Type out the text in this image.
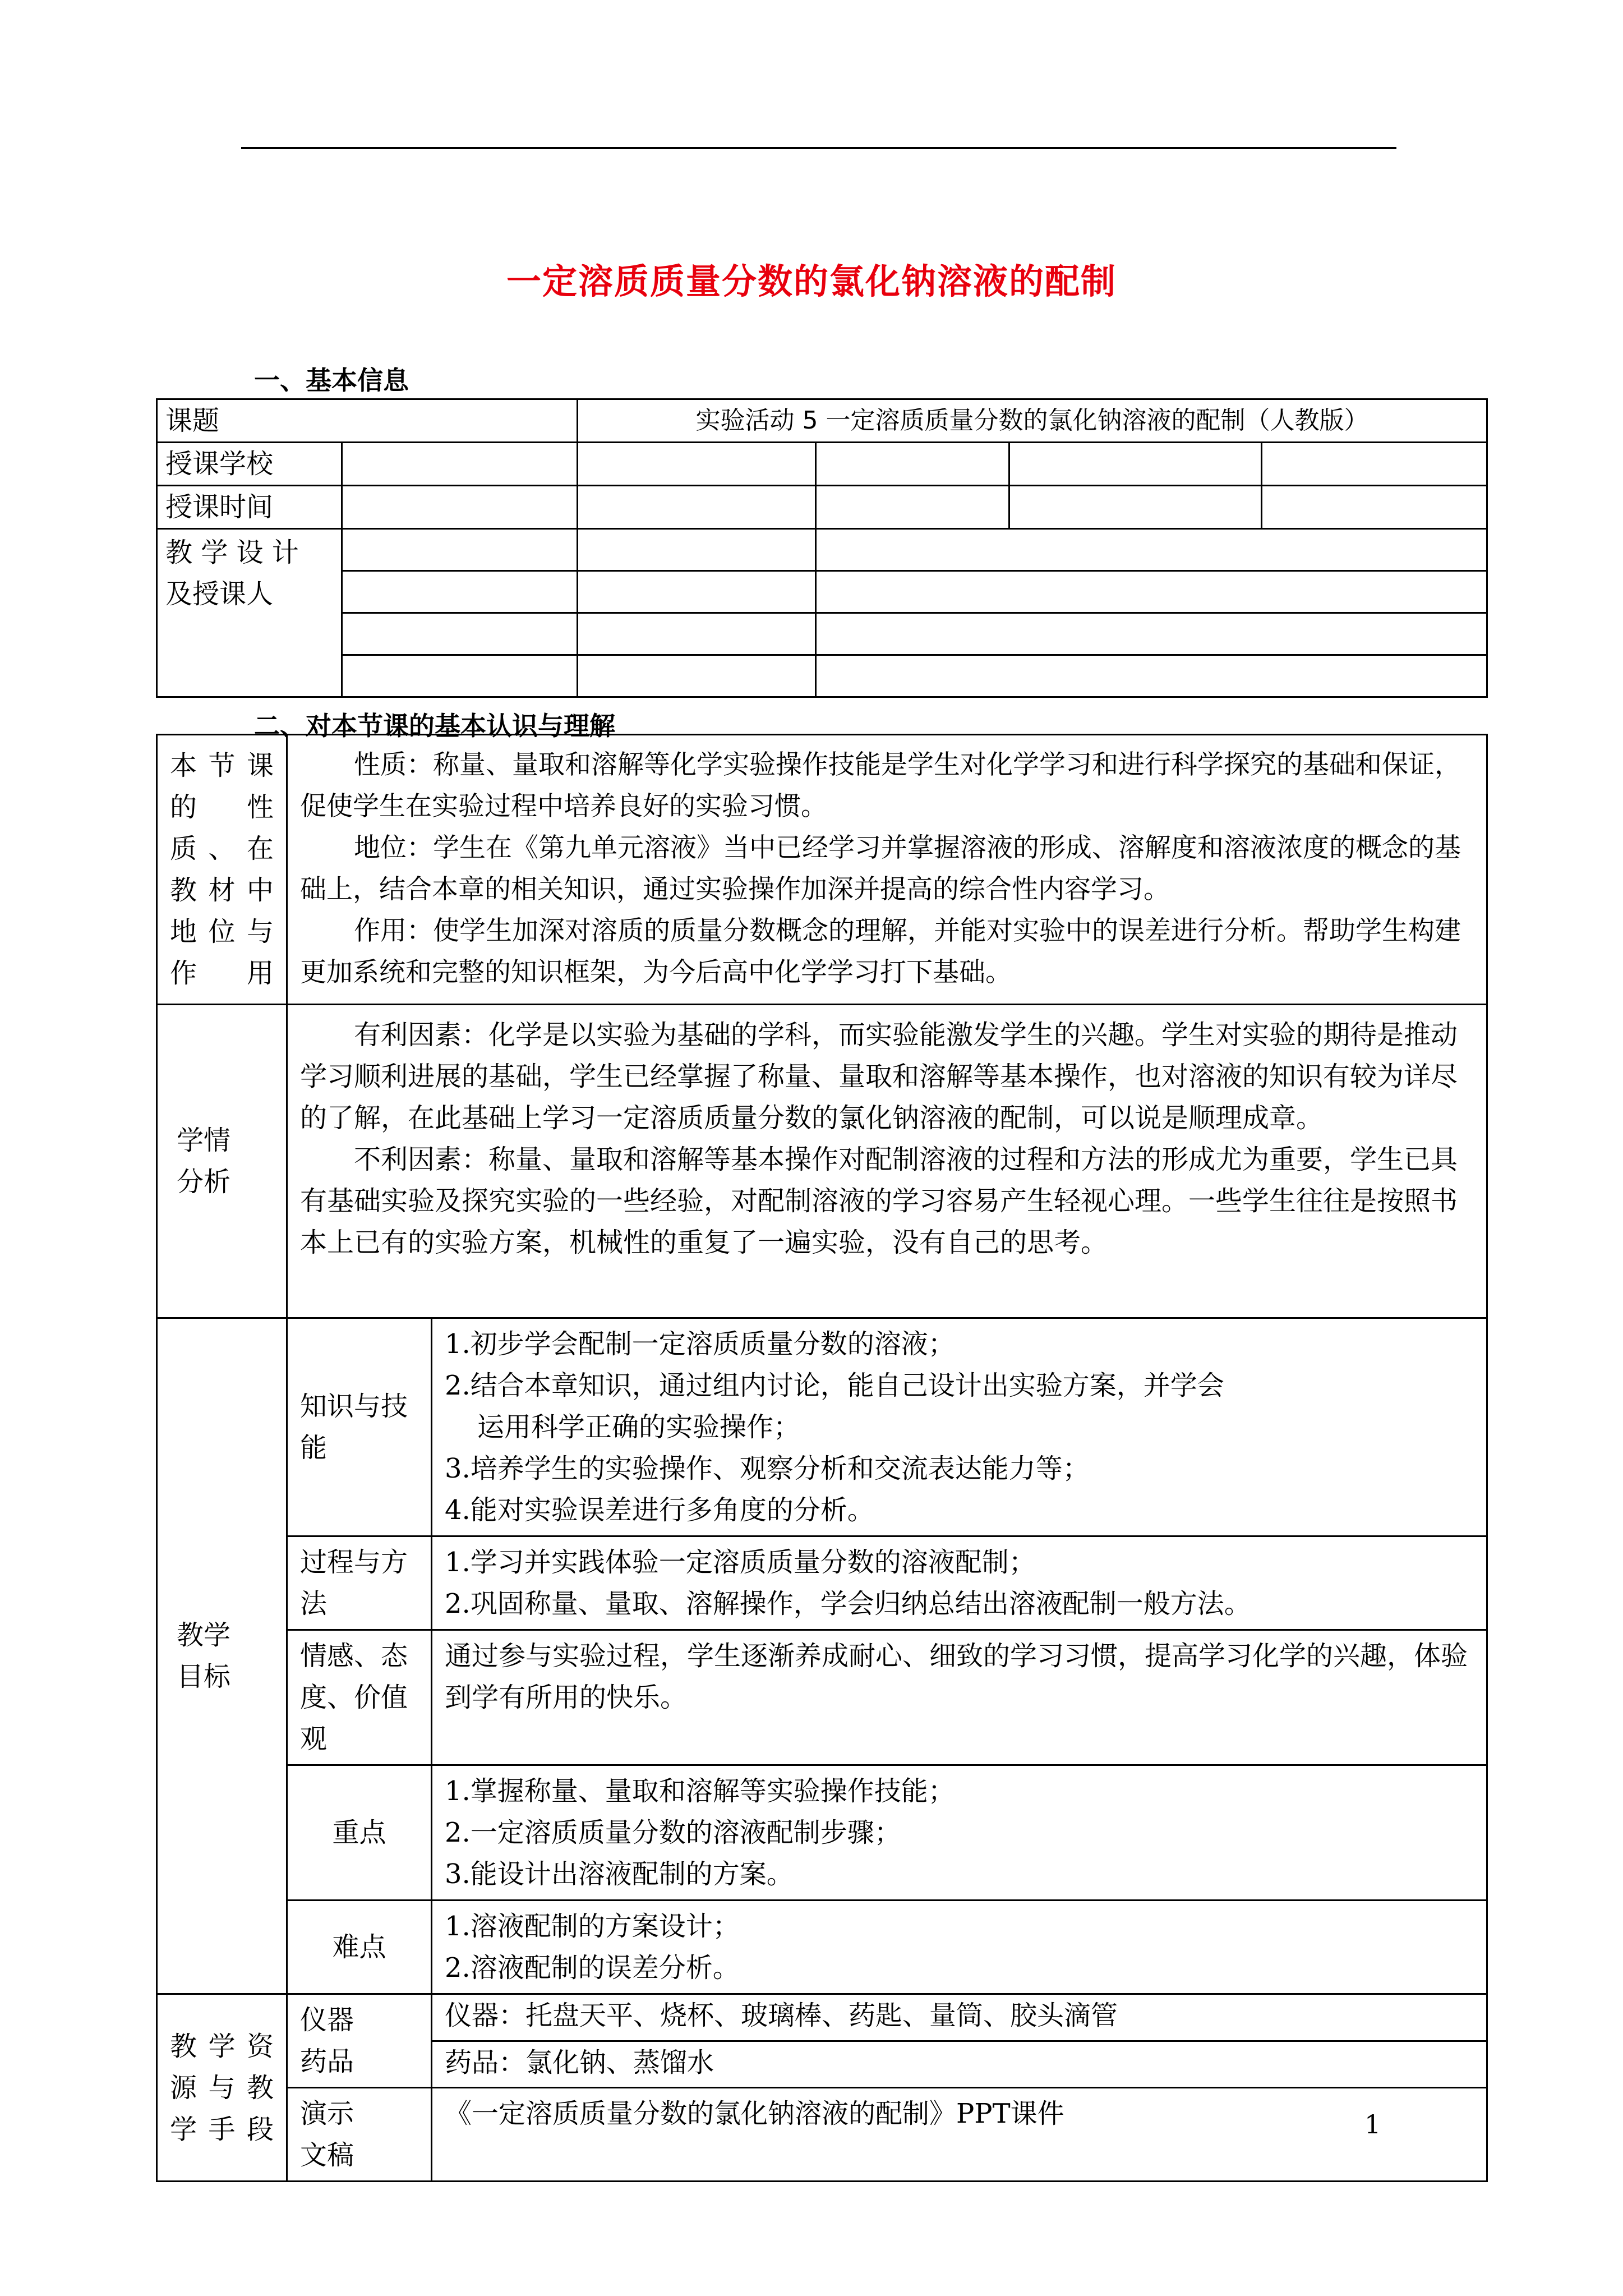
一定溶质质量分数的氯化钠溶液的配制
一、基本信息
课题		实验活动 5 一定溶质质量分数的氯化钠溶液的配制（人教版）			
授课学校					
授课时间					
教 学 设 计 及授课人					

二、对本节课的基本认识与理解
本节课的性质、在教材中地位与作用	性质：称量、量取和溶解等化学实验操作技能是学生对化学学习和进行科学探究的基础和保证，促使学生在实验过程中培养良好的实验习惯。

地位：学生在《第九单元溶液》当中已经学习并掌握溶液的形成、溶解度和溶液浓度的概念的基础上，结合本章的相关知识，通过实验操作加深并提高的综合性内容学习。

作用：使学生加深对溶质的质量分数概念的理解，并能对实验中的误差进行分析。帮助学生构建更加系统和完整的知识框架，为今后高中化学学习打下基础。	

学情分析	有利因素：化学是以实验为基础的学科，而实验能激发学生的兴趣。学生对实验的期待是推动学习顺利进展的基础，学生已经掌握了称量、量取和溶解等基本操作，也对溶液的知识有较为详尽的了解，在此基础上学习一定溶质质量分数的氯化钠溶液的配制，可以说是顺理成章。

不利因素：称量、量取和溶解等基本操作对配制溶液的过程和方法的形成尤为重要，学生已具有基础实验及探究实验的一些经验，对配制溶液的学习容易产生轻视心理。一些学生往往是按照书本上已有的实验方案，机械性的重复了一遍实验，没有自己的思考。	

教学目标	知识与技能	1.初步学会配制一定溶质质量分数的溶液；

2.结合本章知识，通过组内讨论，能自己设计出实验方案，并学会

运用科学正确的实验操作；

3.培养学生的实验操作、观察分析和交流表达能力等；

4.能对实验误差进行多角度的分析。

	过程与方法	1.学习并实践体验一定溶质质量分数的溶液配制；

2.巩固称量、量取、溶解操作，学会归纳总结出溶液配制一般方法。

	情感、态度、价值观	通过参与实验过程，学生逐渐养成耐心、细致的学习习惯，提高学习化学的兴趣，体验到学有所用的快乐。
	重点	1.掌握称量、量取和溶解等实验操作技能；

2.一定溶质质量分数的溶液配制步骤；

3.能设计出溶液配制的方案。

	难点	1.溶液配制的方案设计；

2.溶液配制的误差分析。

教学资源与教学手段	仪器药品	仪器：托盘天平、烧杯、玻璃棒、药匙、量筒、胶头滴管
		药品：氯化钠、蒸馏水

	演示文稿	《一定溶质质量分数的氯化钠溶液的配制》PPT课件	1
